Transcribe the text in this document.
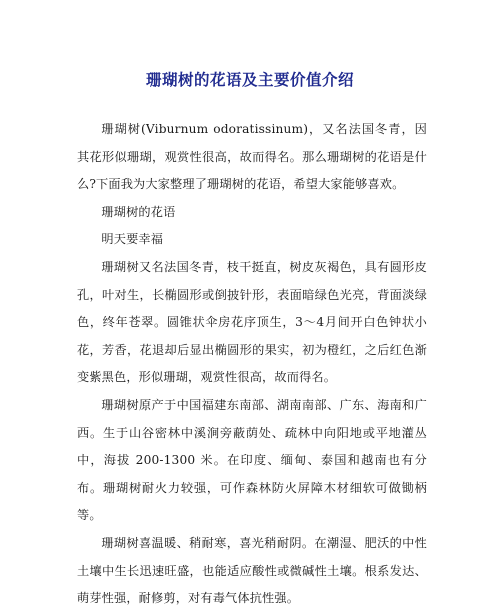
珊瑚树的花语及主要价值介绍

珊瑚树(Viburnum odoratissinum)，又名法国冬青，因其花形似珊瑚，观赏性很高，故而得名。那么珊瑚树的花语是什么?下面我为大家整理了珊瑚树的花语，希望大家能够喜欢。

珊瑚树的花语

明天要幸福

珊瑚树又名法国冬青，枝干挺直，树皮灰褐色，具有圆形皮孔，叶对生，长椭圆形或倒披针形，表面暗绿色光亮，背面淡绿色，终年苍翠。圆锥状伞房花序顶生，3～4月间开白色钟状小花，芳香，花退却后显出椭圆形的果实，初为橙红，之后红色渐变紫黑色，形似珊瑚，观赏性很高，故而得名。

珊瑚树原产于中国福建东南部、湖南南部、广东、海南和广西。生于山谷密林中溪涧旁蔽荫处、疏林中向阳地或平地灌丛中，海拔 200-1300 米。在印度、缅甸、泰国和越南也有分布。珊瑚树耐火力较强，可作森林防火屏障木材细软可做锄柄等。

珊瑚树喜温暖、稍耐寒，喜光稍耐阴。在潮湿、肥沃的中性土壤中生长迅速旺盛，也能适应酸性或微碱性土壤。根系发达、萌芽性强，耐修剪，对有毒气体抗性强。
